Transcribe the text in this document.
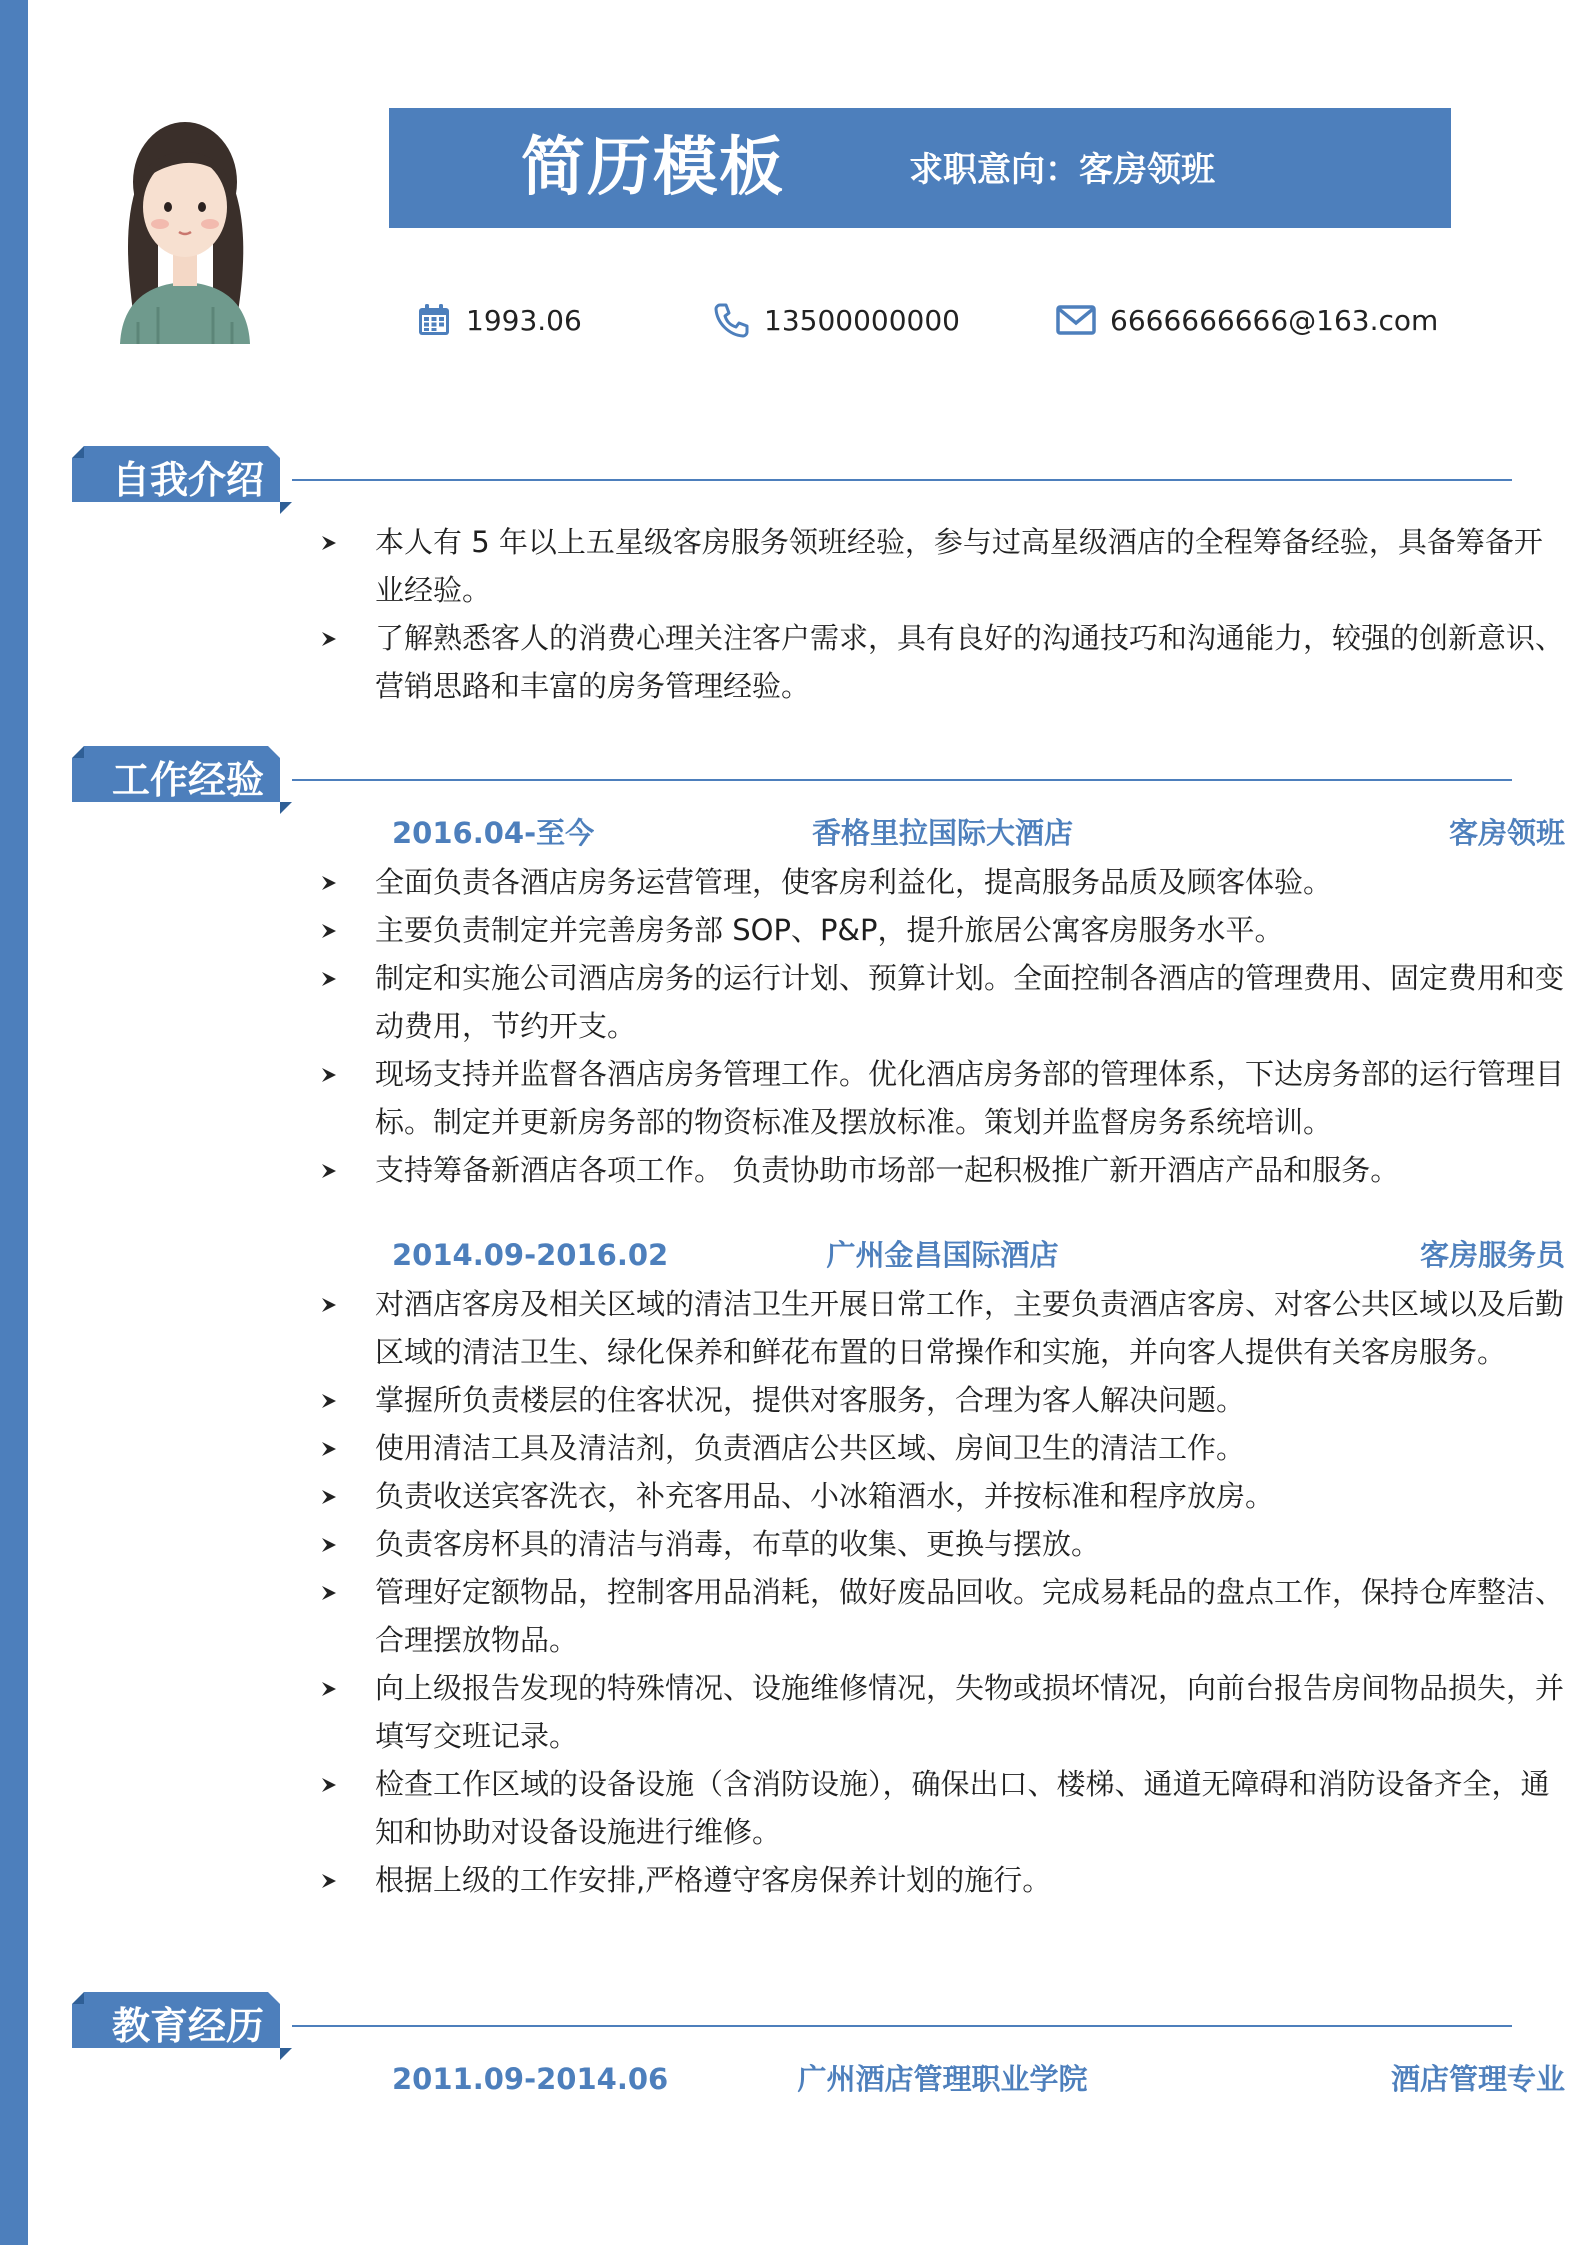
简历模板	求职意向：客房领班
1993.06	13500000000	6666666666@163.com
自我介绍
本人有 5 年以上五星级客房服务领班经验，参与过高星级酒店的全程筹备经验，具备筹备开业经验。
了解熟悉客人的消费心理关注客户需求，具有良好的沟通技巧和沟通能力，较强的创新意识、营销思路和丰富的房务管理经验。
工作经验
2016.04-至今	香格里拉国际大酒店	客房领班
全面负责各酒店房务运营管理，使客房利益化，提高服务品质及顾客体验。
主要负责制定并完善房务部 SOP、P&P，提升旅居公寓客房服务水平。
制定和实施公司酒店房务的运行计划、预算计划。全面控制各酒店的管理费用、固定费用和变动费用，节约开支。
现场支持并监督各酒店房务管理工作。优化酒店房务部的管理体系，下达房务部的运行管理目标。制定并更新房务部的物资标准及摆放标准。策划并监督房务系统培训。
支持筹备新酒店各项工作。 负责协助市场部一起积极推广新开酒店产品和服务。
2014.09-2016.02	广州金昌国际酒店	客房服务员
对酒店客房及相关区域的清洁卫生开展日常工作，主要负责酒店客房、对客公共区域以及后勤区域的清洁卫生、绿化保养和鲜花布置的日常操作和实施，并向客人提供有关客房服务。
掌握所负责楼层的住客状况，提供对客服务，合理为客人解决问题。
使用清洁工具及清洁剂，负责酒店公共区域、房间卫生的清洁工作。
负责收送宾客洗衣，补充客用品、小冰箱酒水，并按标准和程序放房。
负责客房杯具的清洁与消毒，布草的收集、更换与摆放。
管理好定额物品，控制客用品消耗，做好废品回收。完成易耗品的盘点工作，保持仓库整洁、合理摆放物品。
向上级报告发现的特殊情况、设施维修情况，失物或损坏情况，向前台报告房间物品损失，并填写交班记录。
检查工作区域的设备设施（含消防设施），确保出口、楼梯、通道无障碍和消防设备齐全，通知和协助对设备设施进行维修。
根据上级的工作安排,严格遵守客房保养计划的施行。
教育经历
2011.09-2014.06	广州酒店管理职业学院	酒店管理专业
